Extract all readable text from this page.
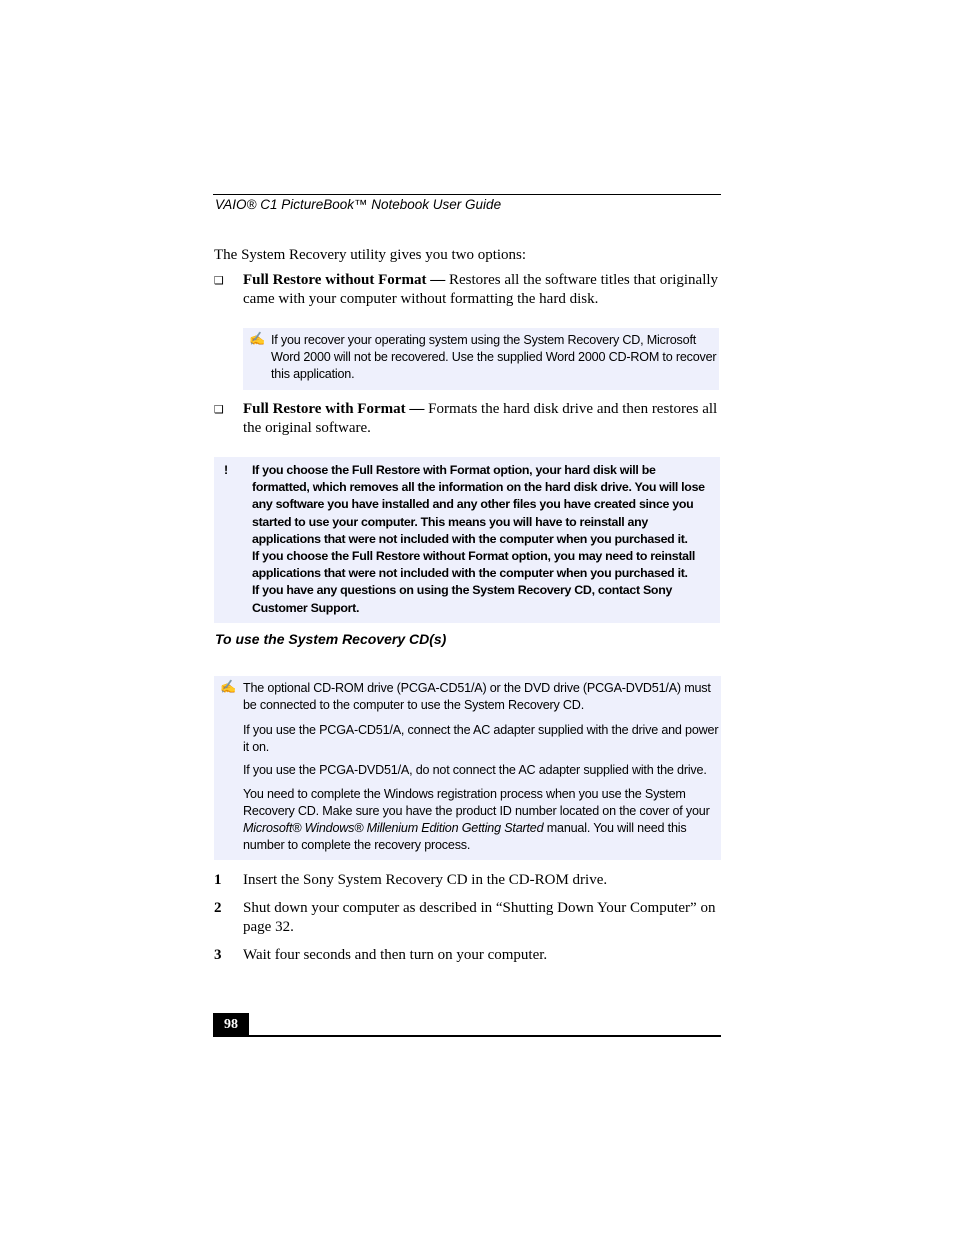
VAIO® C1 PictureBook™ Notebook User Guide
The System Recovery utility gives you two options:
❑ Full Restore without Format — Restores all the software titles that originally came with your computer without formatting the hard disk.
✍ If you recover your operating system using the System Recovery CD, Microsoft Word 2000 will not be recovered. Use the supplied Word 2000 CD-ROM to recover this application.

❑ Full Restore with Format — Formats the hard disk drive and then restores all the original software.
! If you choose the Full Restore with Format option, your hard disk will be formatted, which removes all the information on the hard disk drive. You will lose any software you have installed and any other files you have created since you started to use your computer. This means you will have to reinstall any applications that were not included with the computer when you purchased it.

If you choose the Full Restore without Format option, you may need to reinstall applications that were not included with the computer when you purchased it.

If you have any questions on using the System Recovery CD, contact Sony Customer Support.

To use the System Recovery CD(s)
✍ The optional CD-ROM drive (PCGA-CD51/A) or the DVD drive (PCGA-DVD51/A) must be connected to the computer to use the System Recovery CD.

If you use the PCGA-CD51/A, connect the AC adapter supplied with the drive and power it on.

If you use the PCGA-DVD51/A, do not connect the AC adapter supplied with the drive.

You need to complete the Windows registration process when you use the System Recovery CD. Make sure you have the product ID number located on the cover of your Microsoft® Windows® Millenium Edition Getting Started manual. You will need this number to complete the recovery process.

1 Insert the Sony System Recovery CD in the CD-ROM drive.
2 Shut down your computer as described in “Shutting Down Your Computer” on page 32.
3 Wait four seconds and then turn on your computer.
98
